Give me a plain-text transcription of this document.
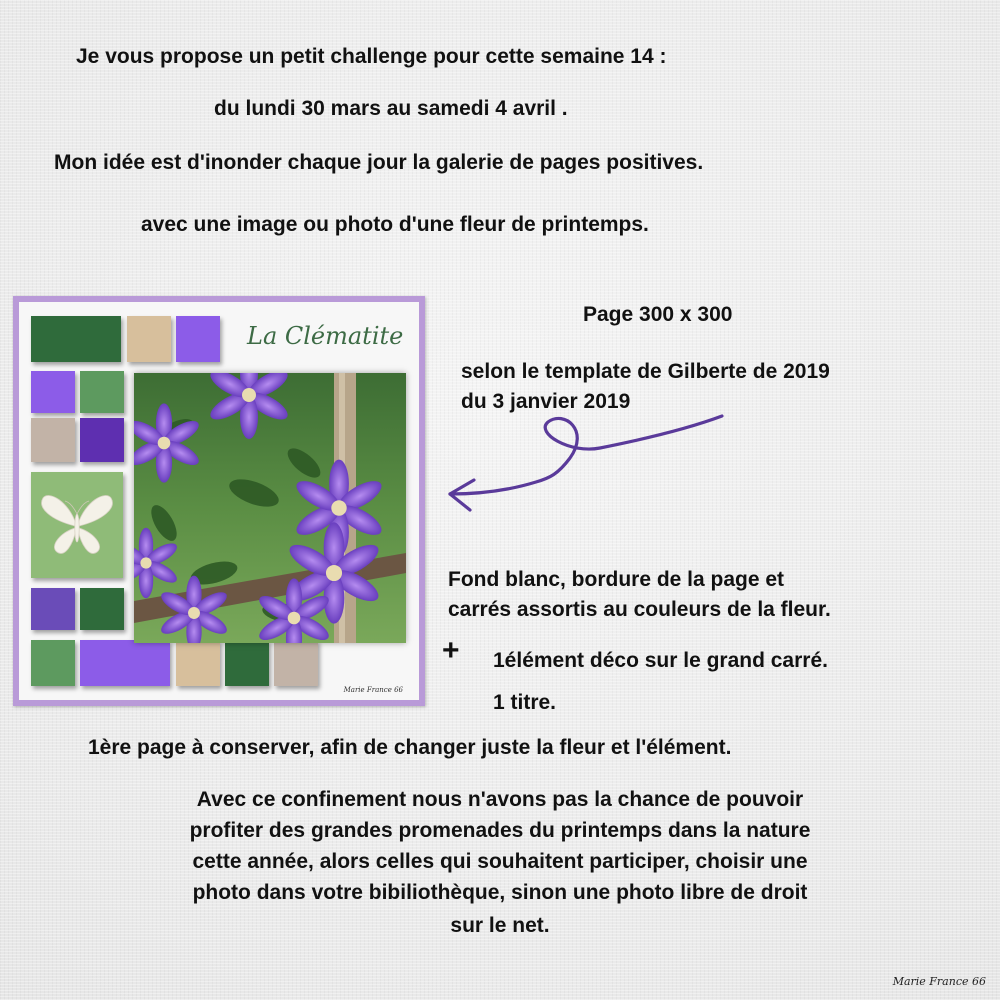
Je vous propose un petit challenge pour cette semaine 14 :
du lundi 30 mars au samedi 4 avril .
Mon idée est d'inonder chaque jour la galerie de pages positives.
avec une image ou photo d'une fleur de printemps.
La Clématite
Marie France 66
Page 300 x 300
selon le template de Gilberte de 2019
du 3 janvier 2019
Fond blanc, bordure de la page et
carrés assortis au couleurs de la fleur.
+ 1élément déco sur le grand carré.
1 titre.
1ère page à conserver, afin de changer juste la fleur et l'élément.
Avec ce confinement nous n'avons pas la chance de pouvoir
profiter des grandes promenades du printemps dans la nature
cette année, alors celles qui souhaitent participer, choisir une
photo dans votre bibiliothèque, sinon une photo libre de droit
sur le net.
Marie France 66
